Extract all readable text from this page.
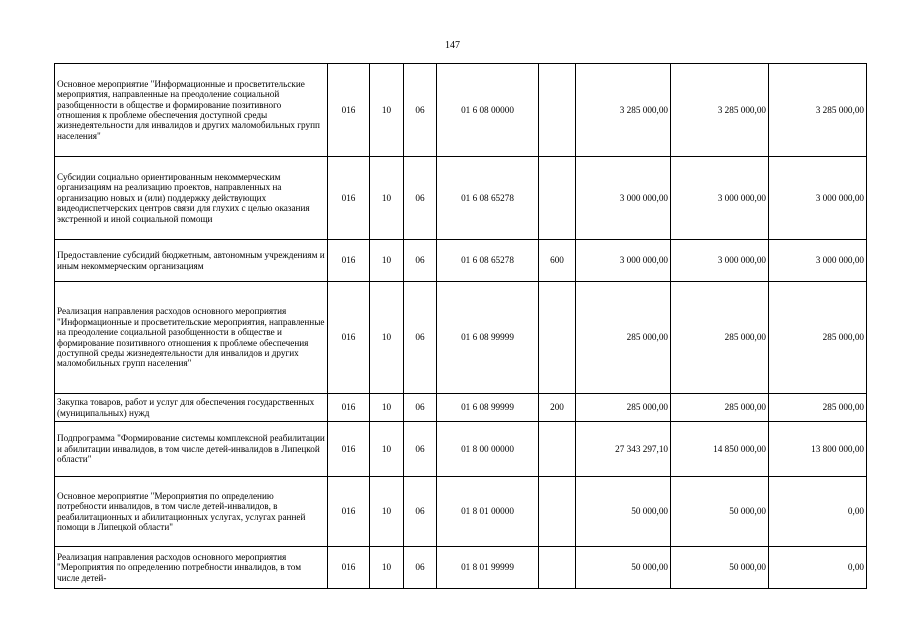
147
Основное мероприятие "Информационные и просветительские мероприятия, направленные на преодоление социальной разобщенности в обществе и формирование позитивного отношения к проблеме обеспечения доступной среды жизнедеятельности для инвалидов и других маломобильных групп населения"	016	10	06	01 6 08 00000		3 285 000,00	3 285 000,00	3 285 000,00
Субсидии социально ориентированным некоммерческим организациям на реализацию проектов, направленных на организацию новых и (или) поддержку действующих видеодиспетчерских центров связи для глухих с целью оказания экстренной и иной социальной помощи	016	10	06	01 6 08 65278		3 000 000,00	3 000 000,00	3 000 000,00
Предоставление субсидий бюджетным, автономным учреждениям и иным некоммерческим организациям	016	10	06	01 6 08 65278	600	3 000 000,00	3 000 000,00	3 000 000,00
Реализация направления расходов основного мероприятия "Информационные и просветительские мероприятия, направленные на преодоление социальной разобщенности в обществе и формирование позитивного отношения к проблеме обеспечения доступной среды жизнедеятельности для инвалидов и других маломобильных групп населения"	016	10	06	01 6 08 99999		285 000,00	285 000,00	285 000,00
Закупка товаров, работ и услуг для обеспечения государственных (муниципальных) нужд	016	10	06	01 6 08 99999	200	285 000,00	285 000,00	285 000,00
Подпрограмма "Формирование системы комплексной реабилитации и абилитации инвалидов, в том числе детей-инвалидов в Липецкой области"	016	10	06	01 8 00 00000		27 343 297,10	14 850 000,00	13 800 000,00
Основное мероприятие "Мероприятия по определению потребности инвалидов, в том числе детей-инвалидов, в реабилитационных и абилитационных услугах, услугах ранней помощи в Липецкой области"	016	10	06	01 8 01 00000		50 000,00	50 000,00	0,00
Реализация направления расходов основного мероприятия "Мероприятия по определению потребности инвалидов, в том числе детей-	016	10	06	01 8 01 99999		50 000,00	50 000,00	0,00
